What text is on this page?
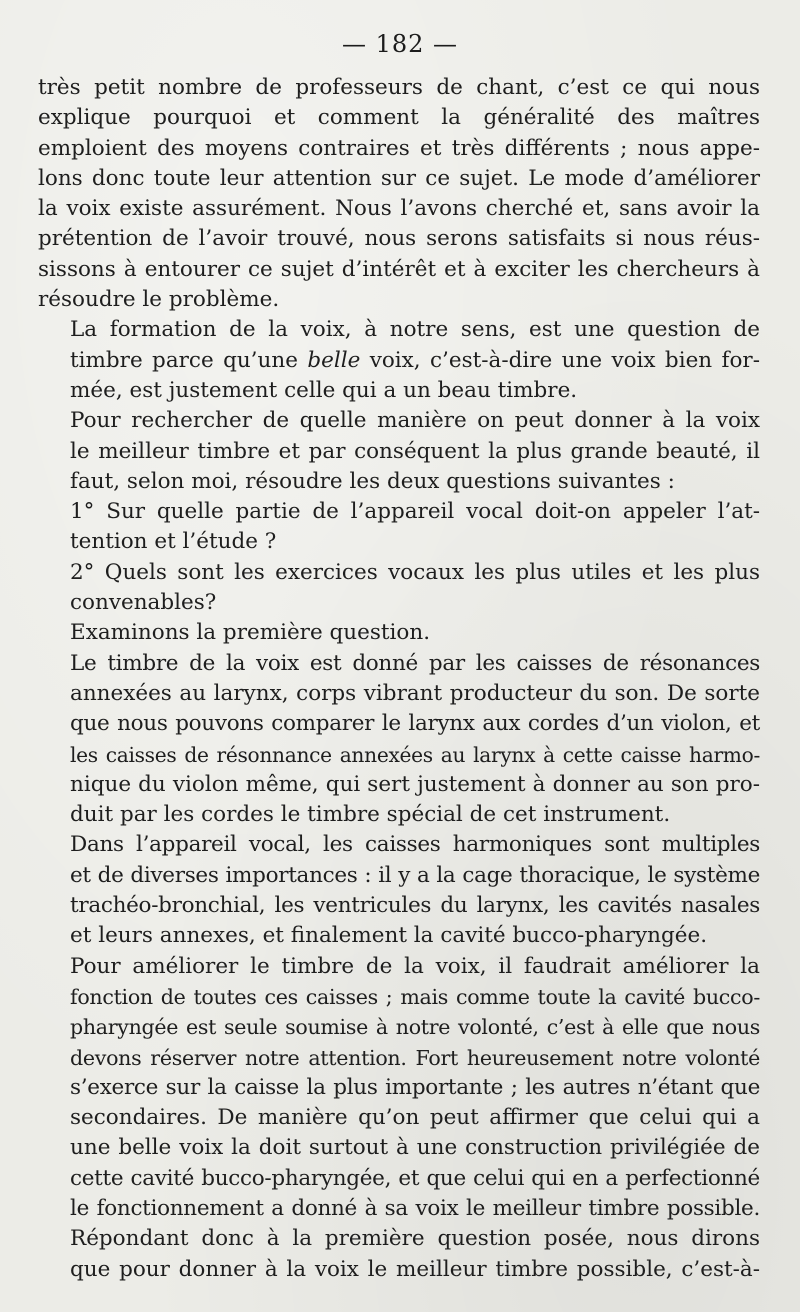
— 182 —
très petit nombre de professeurs de chant, c’est ce qui nous
explique pourquoi et comment la généralité des maîtres
emploient des moyens contraires et très différents ; nous appe-
lons donc toute leur attention sur ce sujet. Le mode d’améliorer
la voix existe assurément. Nous l’avons cherché et, sans avoir la
prétention de l’avoir trouvé, nous serons satisfaits si nous réus-
sissons à entourer ce sujet d’intérêt et à exciter les chercheurs à
résoudre le problème.
La formation de la voix, à notre sens, est une question de
timbre parce qu’une belle voix, c’est-à-dire une voix bien for-
mée, est justement celle qui a un beau timbre.
Pour rechercher de quelle manière on peut donner à la voix
le meilleur timbre et par conséquent la plus grande beauté, il
faut, selon moi, résoudre les deux questions suivantes :
1° Sur quelle partie de l’appareil vocal doit-on appeler l’at-
tention et l’étude ?
2° Quels sont les exercices vocaux les plus utiles et les plus
convenables?
Examinons la première question.
Le timbre de la voix est donné par les caisses de résonances
annexées au larynx, corps vibrant producteur du son. De sorte
que nous pouvons comparer le larynx aux cordes d’un violon, et
les caisses de résonnance annexées au larynx à cette caisse harmo-
nique du violon même, qui sert justement à donner au son pro-
duit par les cordes le timbre spécial de cet instrument.
Dans l’appareil vocal, les caisses harmoniques sont multiples
et de diverses importances : il y a la cage thoracique, le système
trachéo-bronchial, les ventricules du larynx, les cavités nasales
et leurs annexes, et finalement la cavité bucco-pharyngée.
Pour améliorer le timbre de la voix, il faudrait améliorer la
fonction de toutes ces caisses ; mais comme toute la cavité bucco-
pharyngée est seule soumise à notre volonté, c’est à elle que nous
devons réserver notre attention. Fort heureusement notre volonté
s’exerce sur la caisse la plus importante ; les autres n’étant que
secondaires. De manière qu’on peut affirmer que celui qui a
une belle voix la doit surtout à une construction privilégiée de
cette cavité bucco-pharyngée, et que celui qui en a perfectionné
le fonctionnement a donné à sa voix le meilleur timbre possible.
Répondant donc à la première question posée, nous dirons
que pour donner à la voix le meilleur timbre possible, c’est-à-
